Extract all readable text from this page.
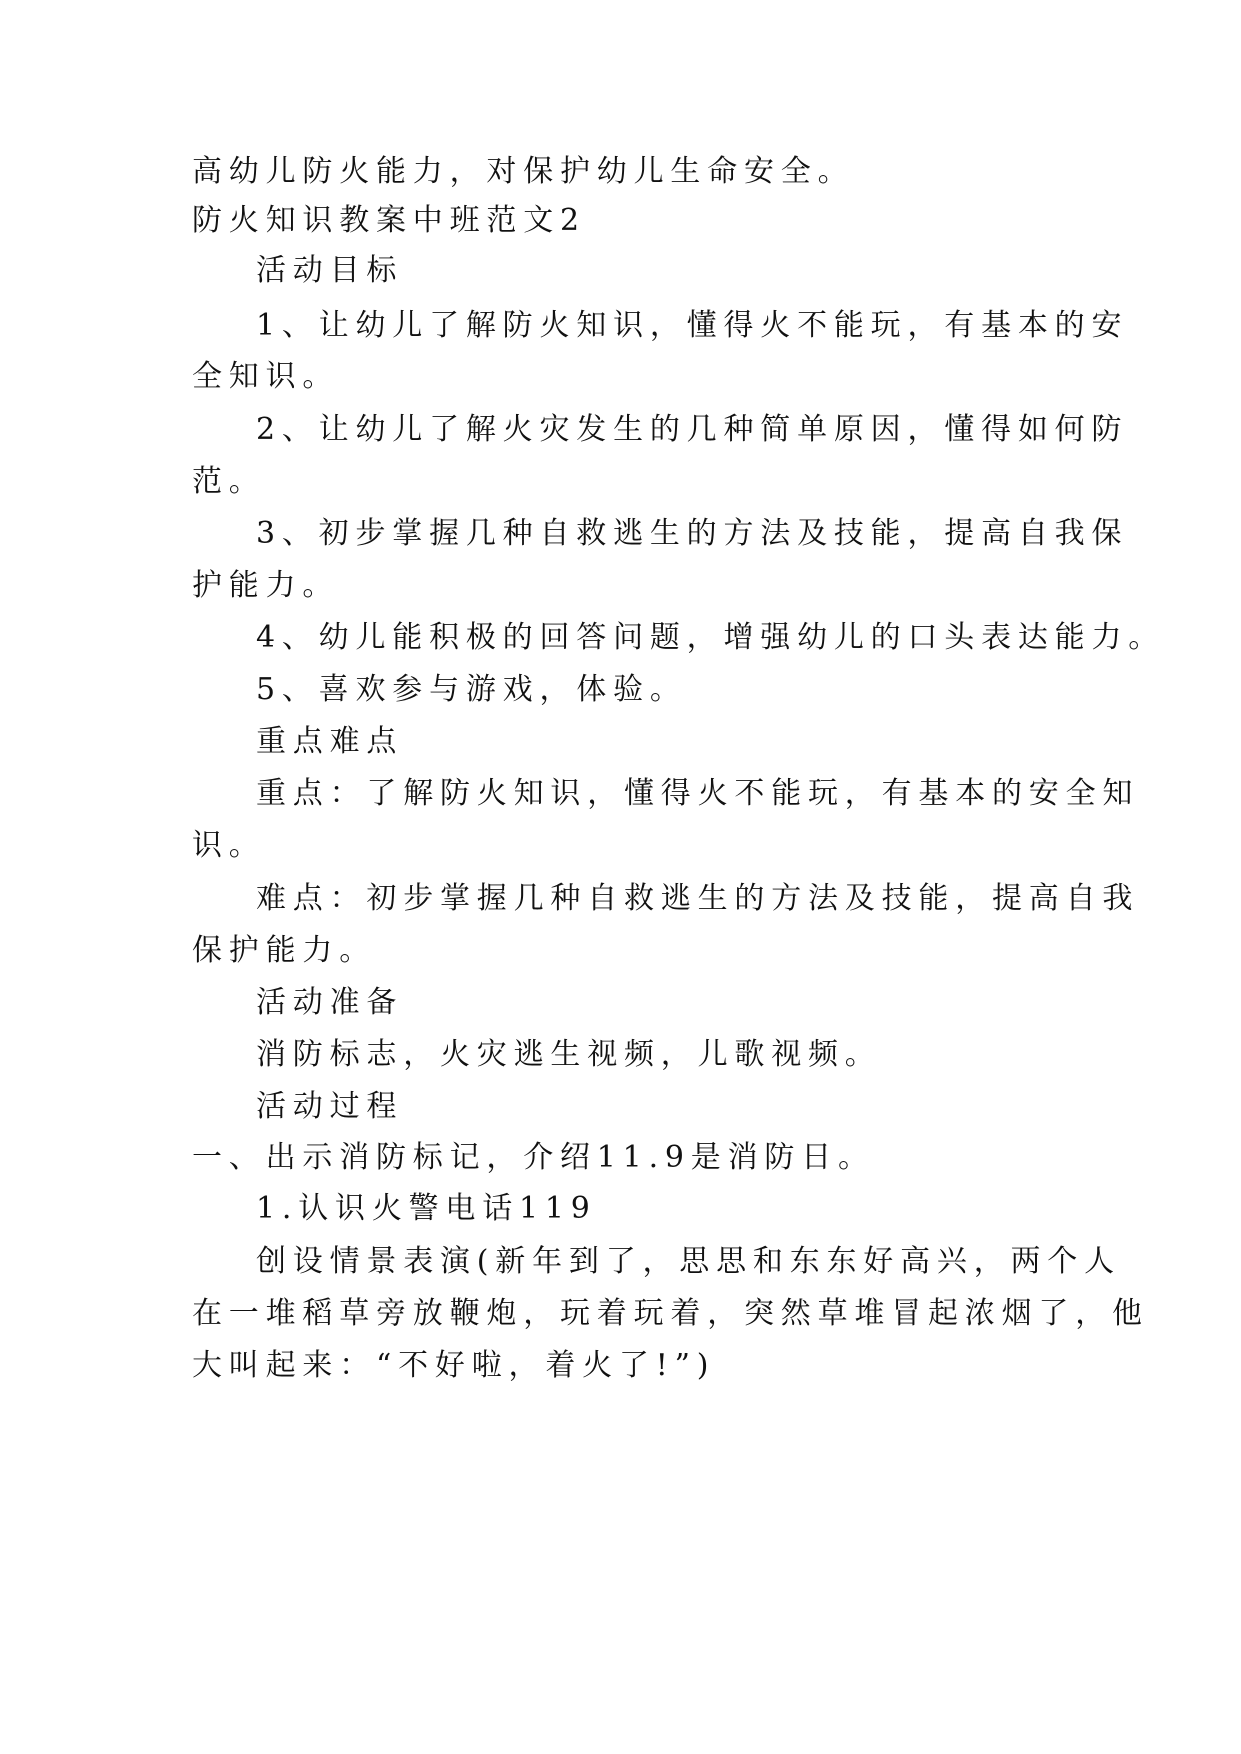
高幼儿防火能力，对保护幼儿生命安全。
防火知识教案中班范文2
活动目标
1、让幼儿了解防火知识，懂得火不能玩，有基本的安
全知识。
2、让幼儿了解火灾发生的几种简单原因，懂得如何防
范。
3、初步掌握几种自救逃生的方法及技能，提高自我保
护能力。
4、幼儿能积极的回答问题，增强幼儿的口头表达能力。
5、喜欢参与游戏，体验。
重点难点
重点：了解防火知识，懂得火不能玩，有基本的安全知
识。
难点：初步掌握几种自救逃生的方法及技能，提高自我
保护能力。
活动准备
消防标志，火灾逃生视频，儿歌视频。
活动过程
一、出示消防标记，介绍11.9是消防日。
1.认识火警电话119
创设情景表演(新年到了，思思和东东好高兴，两个人
在一堆稻草旁放鞭炮，玩着玩着，突然草堆冒起浓烟了，他
大叫起来：“不好啦，着火了!”)
